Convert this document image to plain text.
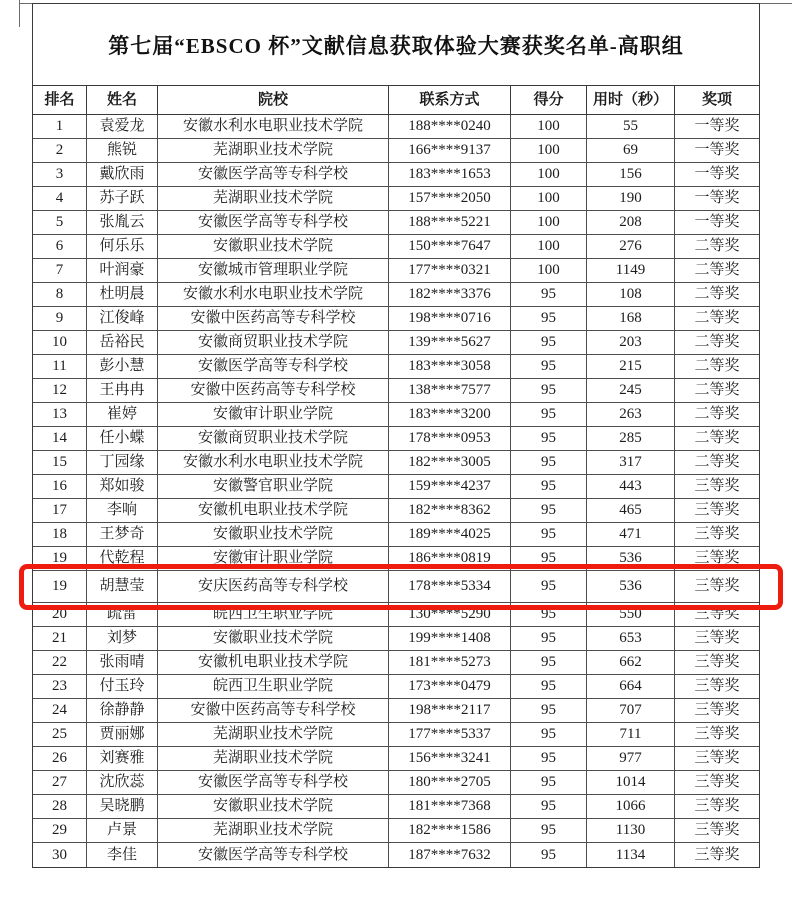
第七届“EBSCO 杯”文献信息获取体验大赛获奖名单-高职组
排名	姓名	院校	联系方式	得分	用时（秒）	奖项
1	袁爱龙	安徽水利水电职业技术学院	188****0240	100	55	一等奖
2	熊锐	芜湖职业技术学院	166****9137	100	69	一等奖
3	戴欣雨	安徽医学高等专科学校	183****1653	100	156	一等奖
4	苏子跃	芜湖职业技术学院	157****2050	100	190	一等奖
5	张胤云	安徽医学高等专科学校	188****5221	100	208	一等奖
6	何乐乐	安徽职业技术学院	150****7647	100	276	二等奖
7	叶润豪	安徽城市管理职业学院	177****0321	100	1149	二等奖
8	杜明晨	安徽水利水电职业技术学院	182****3376	95	108	二等奖
9	江俊峰	安徽中医药高等专科学校	198****0716	95	168	二等奖
10	岳裕民	安徽商贸职业技术学院	139****5627	95	203	二等奖
11	彭小慧	安徽医学高等专科学校	183****3058	95	215	二等奖
12	王冉冉	安徽中医药高等专科学校	138****7577	95	245	二等奖
13	崔婷	安徽审计职业学院	183****3200	95	263	二等奖
14	任小蝶	安徽商贸职业技术学院	178****0953	95	285	二等奖
15	丁园缘	安徽水利水电职业技术学院	182****3005	95	317	二等奖
16	郑如骏	安徽警官职业学院	159****4237	95	443	三等奖
17	李响	安徽机电职业技术学院	182****8362	95	465	三等奖
18	王梦奇	安徽职业技术学院	189****4025	95	471	三等奖
19	代乾程	安徽审计职业学院	186****0819	95	536	三等奖
19	胡慧莹	安庆医药高等专科学校	178****5334	95	536	三等奖
20	疏雷	皖西卫生职业学院	130****5290	95	550	三等奖
21	刘梦	安徽职业技术学院	199****1408	95	653	三等奖
22	张雨晴	安徽机电职业技术学院	181****5273	95	662	三等奖
23	付玉玲	皖西卫生职业学院	173****0479	95	664	三等奖
24	徐静静	安徽中医药高等专科学校	198****2117	95	707	三等奖
25	贾丽娜	芜湖职业技术学院	177****5337	95	711	三等奖
26	刘赛雅	芜湖职业技术学院	156****3241	95	977	三等奖
27	沈欣蕊	安徽医学高等专科学校	180****2705	95	1014	三等奖
28	吴晓鹏	安徽职业技术学院	181****7368	95	1066	三等奖
29	卢景	芜湖职业技术学院	182****1586	95	1130	三等奖
30	李佳	安徽医学高等专科学校	187****7632	95	1134	三等奖
